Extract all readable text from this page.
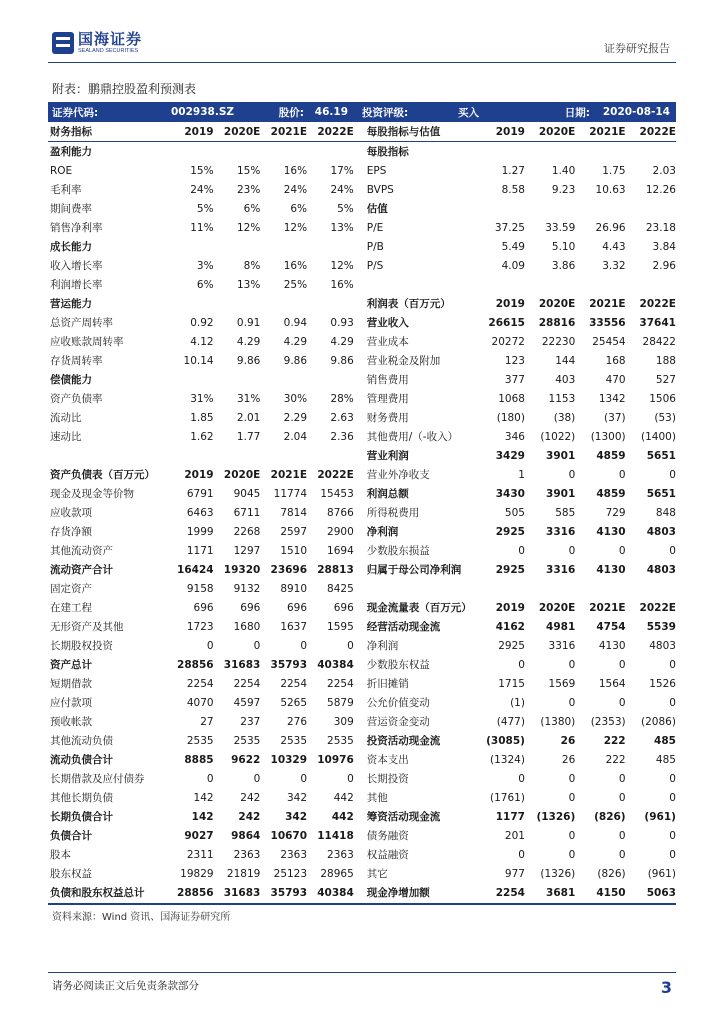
国海证券
SEALAND SECURITIES	证券研究报告
附表：鹏鼎控股盈利预测表
证券代码:	002938.SZ	股价:	46.19	投资评级:	买入	日期:	2020-08-14
财务指标	2019 2020E 2021E 2022E	每股指标与估值	2019	2020E	2021E	2022E
盈利能力	每股指标
ROE	15%	15%	16%	17%	EPS	1.27	1.40	1.75	2.03
毛利率	24%	23%	24%	24%	BVPS	8.58	9.23	10.63	12.26
期间费率	5%	6%	6%	5%	估值
销售净利率	11%	12%	12%	13%	P/E	37.25	33.59	26.96	23.18
成长能力	P/B	5.49	5.10	4.43	3.84
收入增长率	3%	8%	16%	12%	P/S	4.09	3.86	3.32	2.96
利润增长率	6%	13%	25%	16%
营运能力	利润表（百万元）	2019	2020E	2021E	2022E
总资产周转率	0.92	0.91	0.94	0.93	营业收入	26615	28816	33556	37641
应收账款周转率	4.12	4.29	4.29	4.29	营业成本	20272	22230	25454	28422
存货周转率	10.14	9.86	9.86	9.86	营业税金及附加	123	144	168	188
偿债能力	销售费用	377	403	470	527
资产负债率	31%	31%	30%	28%	管理费用	1068	1153	1342	1506
流动比	1.85	2.01	2.29	2.63	财务费用	(180)	(38)	(37)	(53)
速动比	1.62	1.77	2.04	2.36	其他费用/（-收入）	346	(1022)	(1300)	(1400)
营业利润	3429	3901	4859	5651
资产负债表（百万元）	2019 2020E 2021E 2022E	营业外净收支	1	0	0	0
现金及现金等价物	6791	9045	11774	15453	利润总额	3430	3901	4859	5651
应收款项	6463	6711	7814	8766	所得税费用	505	585	729	848
存货净额	1999	2268	2597	2900	净利润	2925	3316	4130	4803
其他流动资产	1171	1297	1510	1694	少数股东损益	0	0	0	0
流动资产合计	16424 19320 23696 28813	归属于母公司净利润	2925	3316	4130	4803
固定资产	9158	9132	8910	8425
在建工程	696	696	696	696	现金流量表（百万元）	2019	2020E	2021E	2022E
无形资产及其他	1723	1680	1637	1595	经营活动现金流	4162	4981	4754	5539
长期股权投资	0	0	0	0	净利润	2925	3316	4130	4803
资产总计	28856 31683 35793 40384	少数股东权益	0	0	0	0
短期借款	2254	2254	2254	2254	折旧摊销	1715	1569	1564	1526
应付款项	4070	4597	5265	5879	公允价值变动	(1)	0	0	0
预收帐款	27	237	276	309	营运资金变动	(477)	(1380)	(2353)	(2086)
其他流动负债	2535	2535	2535	2535	投资活动现金流	(3085)	26	222	485
流动负债合计	8885	9622 10329 10976	资本支出	(1324)	26	222	485
长期借款及应付债券	0	0	0	0	长期投资	0	0	0	0
其他长期负债	142	242	342	442	其他	(1761)	0	0	0
长期负债合计	142	242	342	442	筹资活动现金流	1177	(1326)	(826)	(961)
负债合计	9027	9864 10670 11418	债务融资	201	0	0	0
股本	2311	2363	2363	2363	权益融资	0	0	0	0
股东权益	19829	21819	25123	28965	其它	977	(1326)	(826)	(961)
负债和股东权益总计	28856 31683 35793 40384	现金净增加额	2254	3681	4150	5063
资料来源：Wind 资讯、国海证券研究所
请务必阅读正文后免责条款部分	3
